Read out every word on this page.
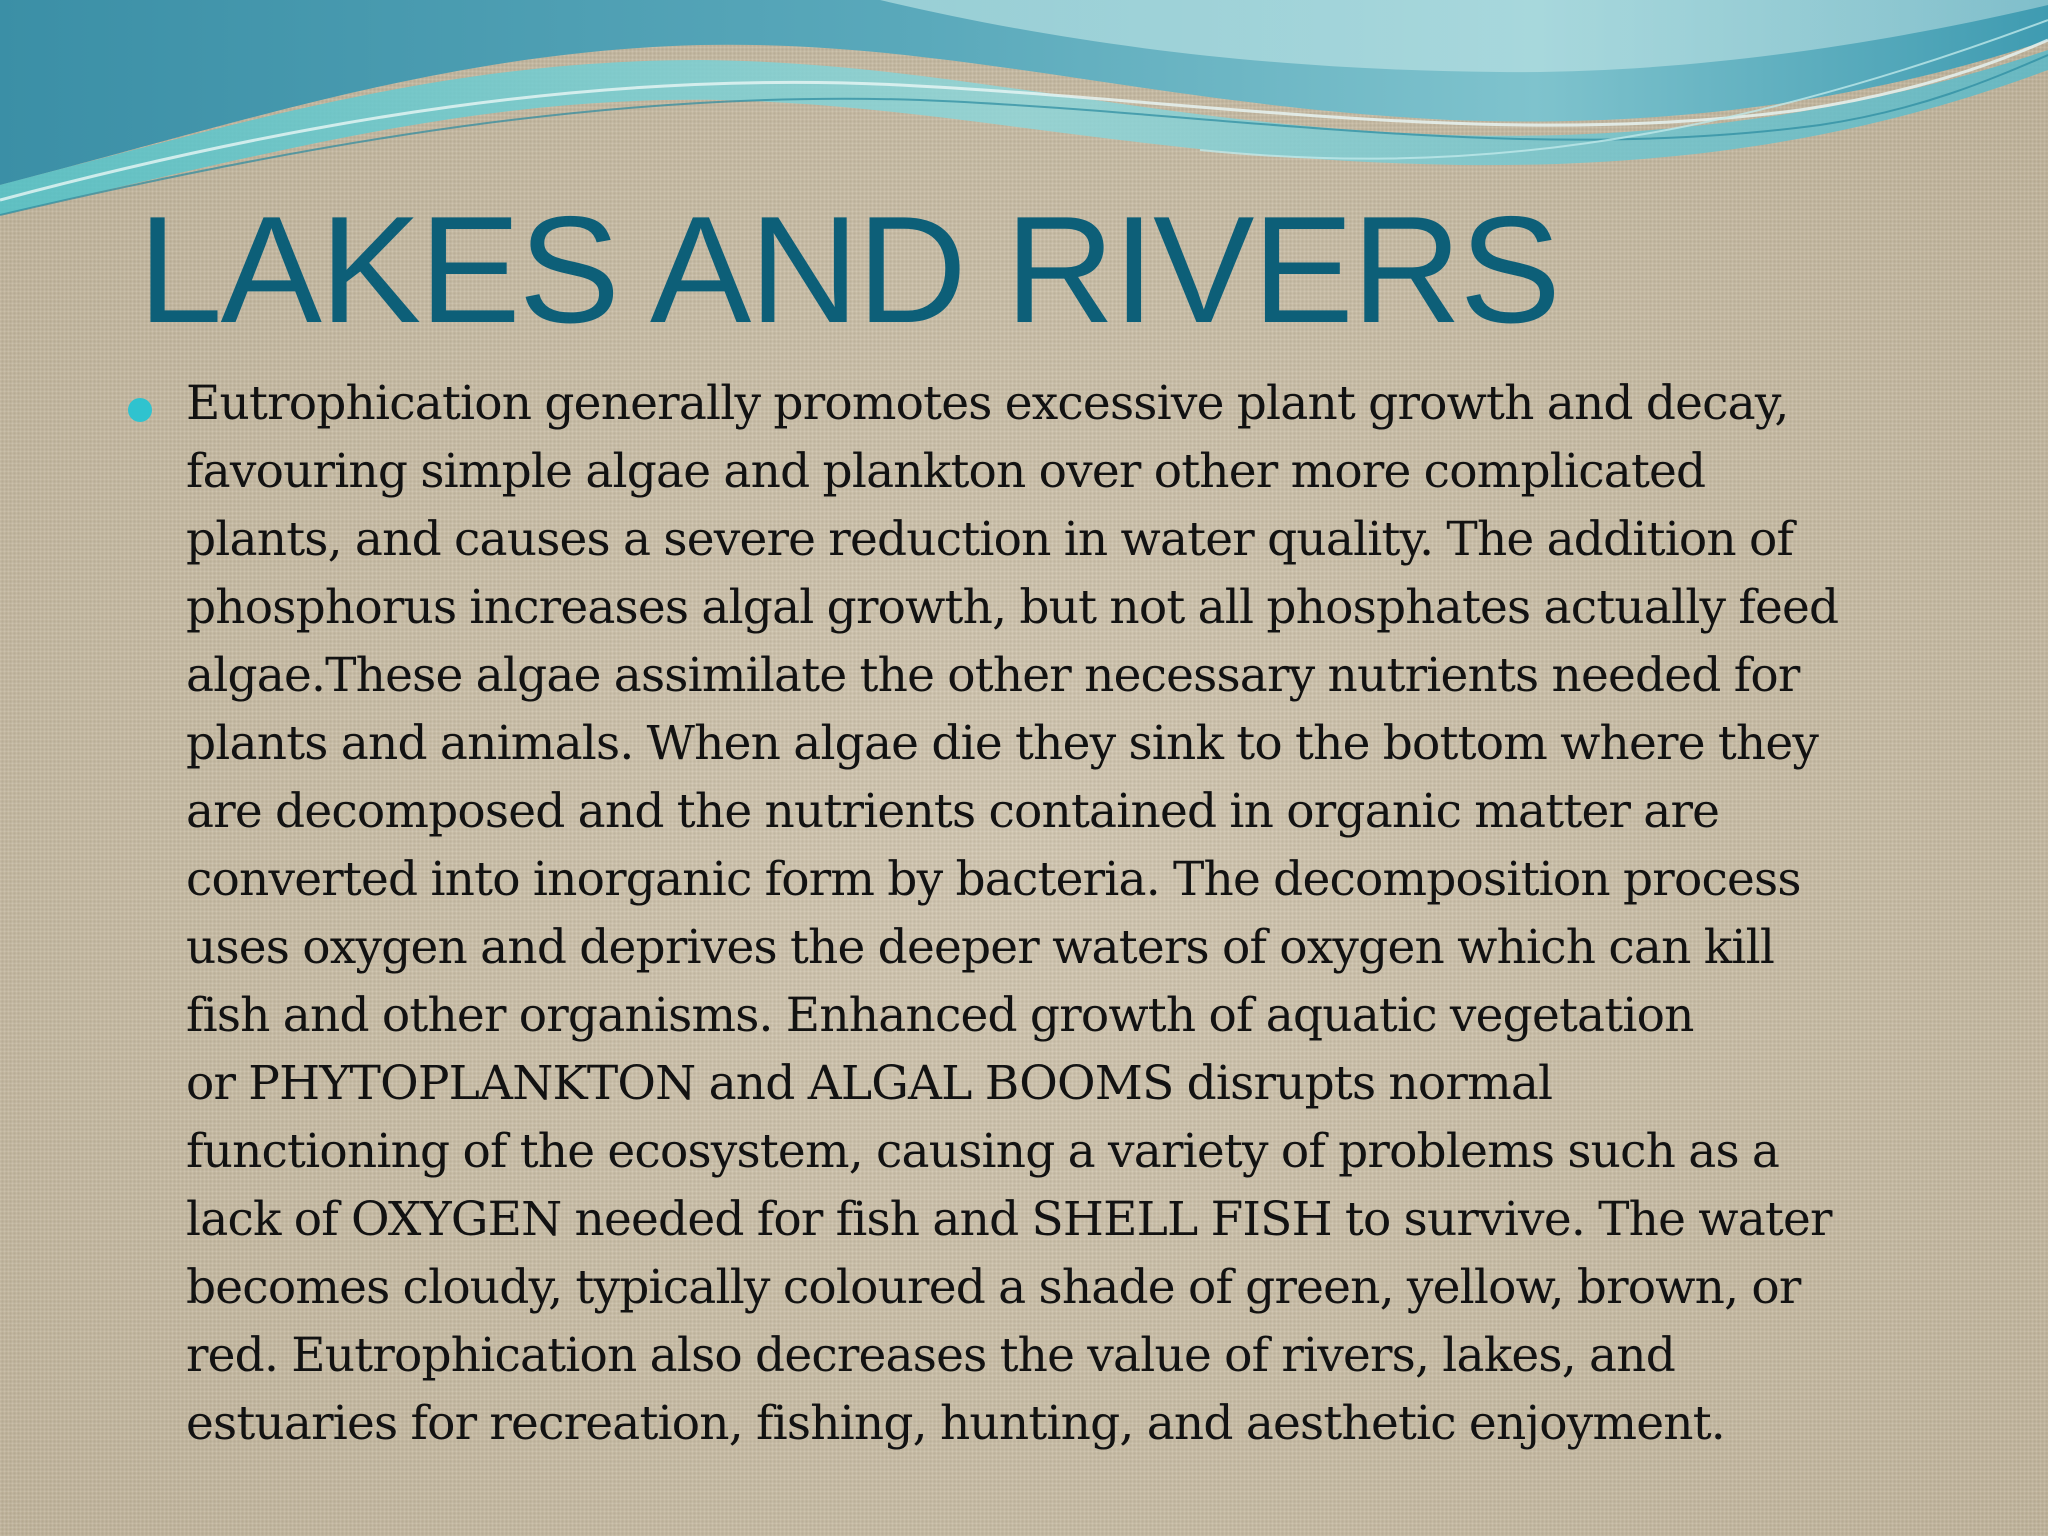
LAKES AND RIVERS

Eutrophication generally promotes excessive plant growth and decay,
favouring simple algae and plankton over other more complicated
plants, and causes a severe reduction in water quality. The addition of
phosphorus increases algal growth, but not all phosphates actually feed
algae.These algae assimilate the other necessary nutrients needed for
plants and animals. When algae die they sink to the bottom where they
are decomposed and the nutrients contained in organic matter are
converted into inorganic form by bacteria. The decomposition process
uses oxygen and deprives the deeper waters of oxygen which can kill
fish and other organisms. Enhanced growth of aquatic vegetation
or PHYTOPLANKTON and ALGAL BOOMS disrupts normal
functioning of the ecosystem, causing a variety of problems such as a
lack of OXYGEN needed for fish and SHELL FISH to survive. The water
becomes cloudy, typically coloured a shade of green, yellow, brown, or
red. Eutrophication also decreases the value of rivers, lakes, and
estuaries for recreation, fishing, hunting, and aesthetic enjoyment.
